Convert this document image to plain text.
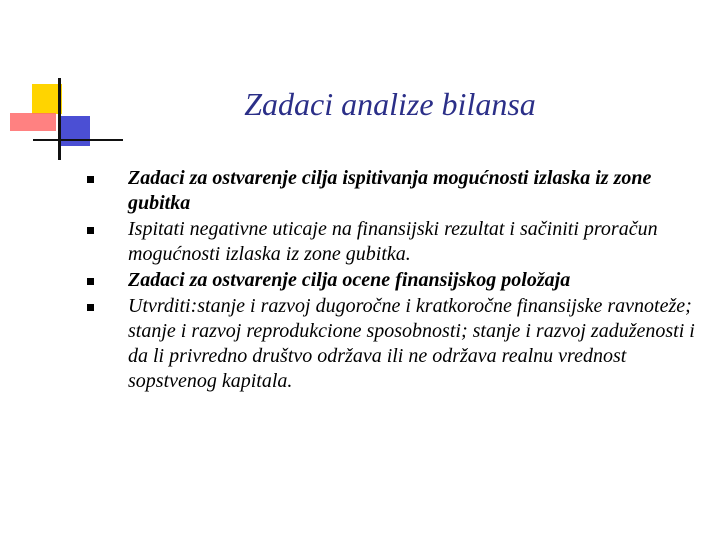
Zadaci analize bilansa
Zadaci za ostvarenje cilja ispitivanja mogućnosti izlaska iz zone gubitka
Ispitati negativne uticaje na finansijski rezultat i sačiniti proračun mogućnosti izlaska iz zone gubitka.
Zadaci za ostvarenje cilja ocene finansijskog položaja
Utvrditi:stanje i razvoj dugoročne i kratkoročne finansijske ravnoteže; stanje i razvoj reprodukcione sposobnosti; stanje i razvoj zaduženosti i da li privredno društvo održava ili ne održava realnu vrednost sopstvenog kapitala.
